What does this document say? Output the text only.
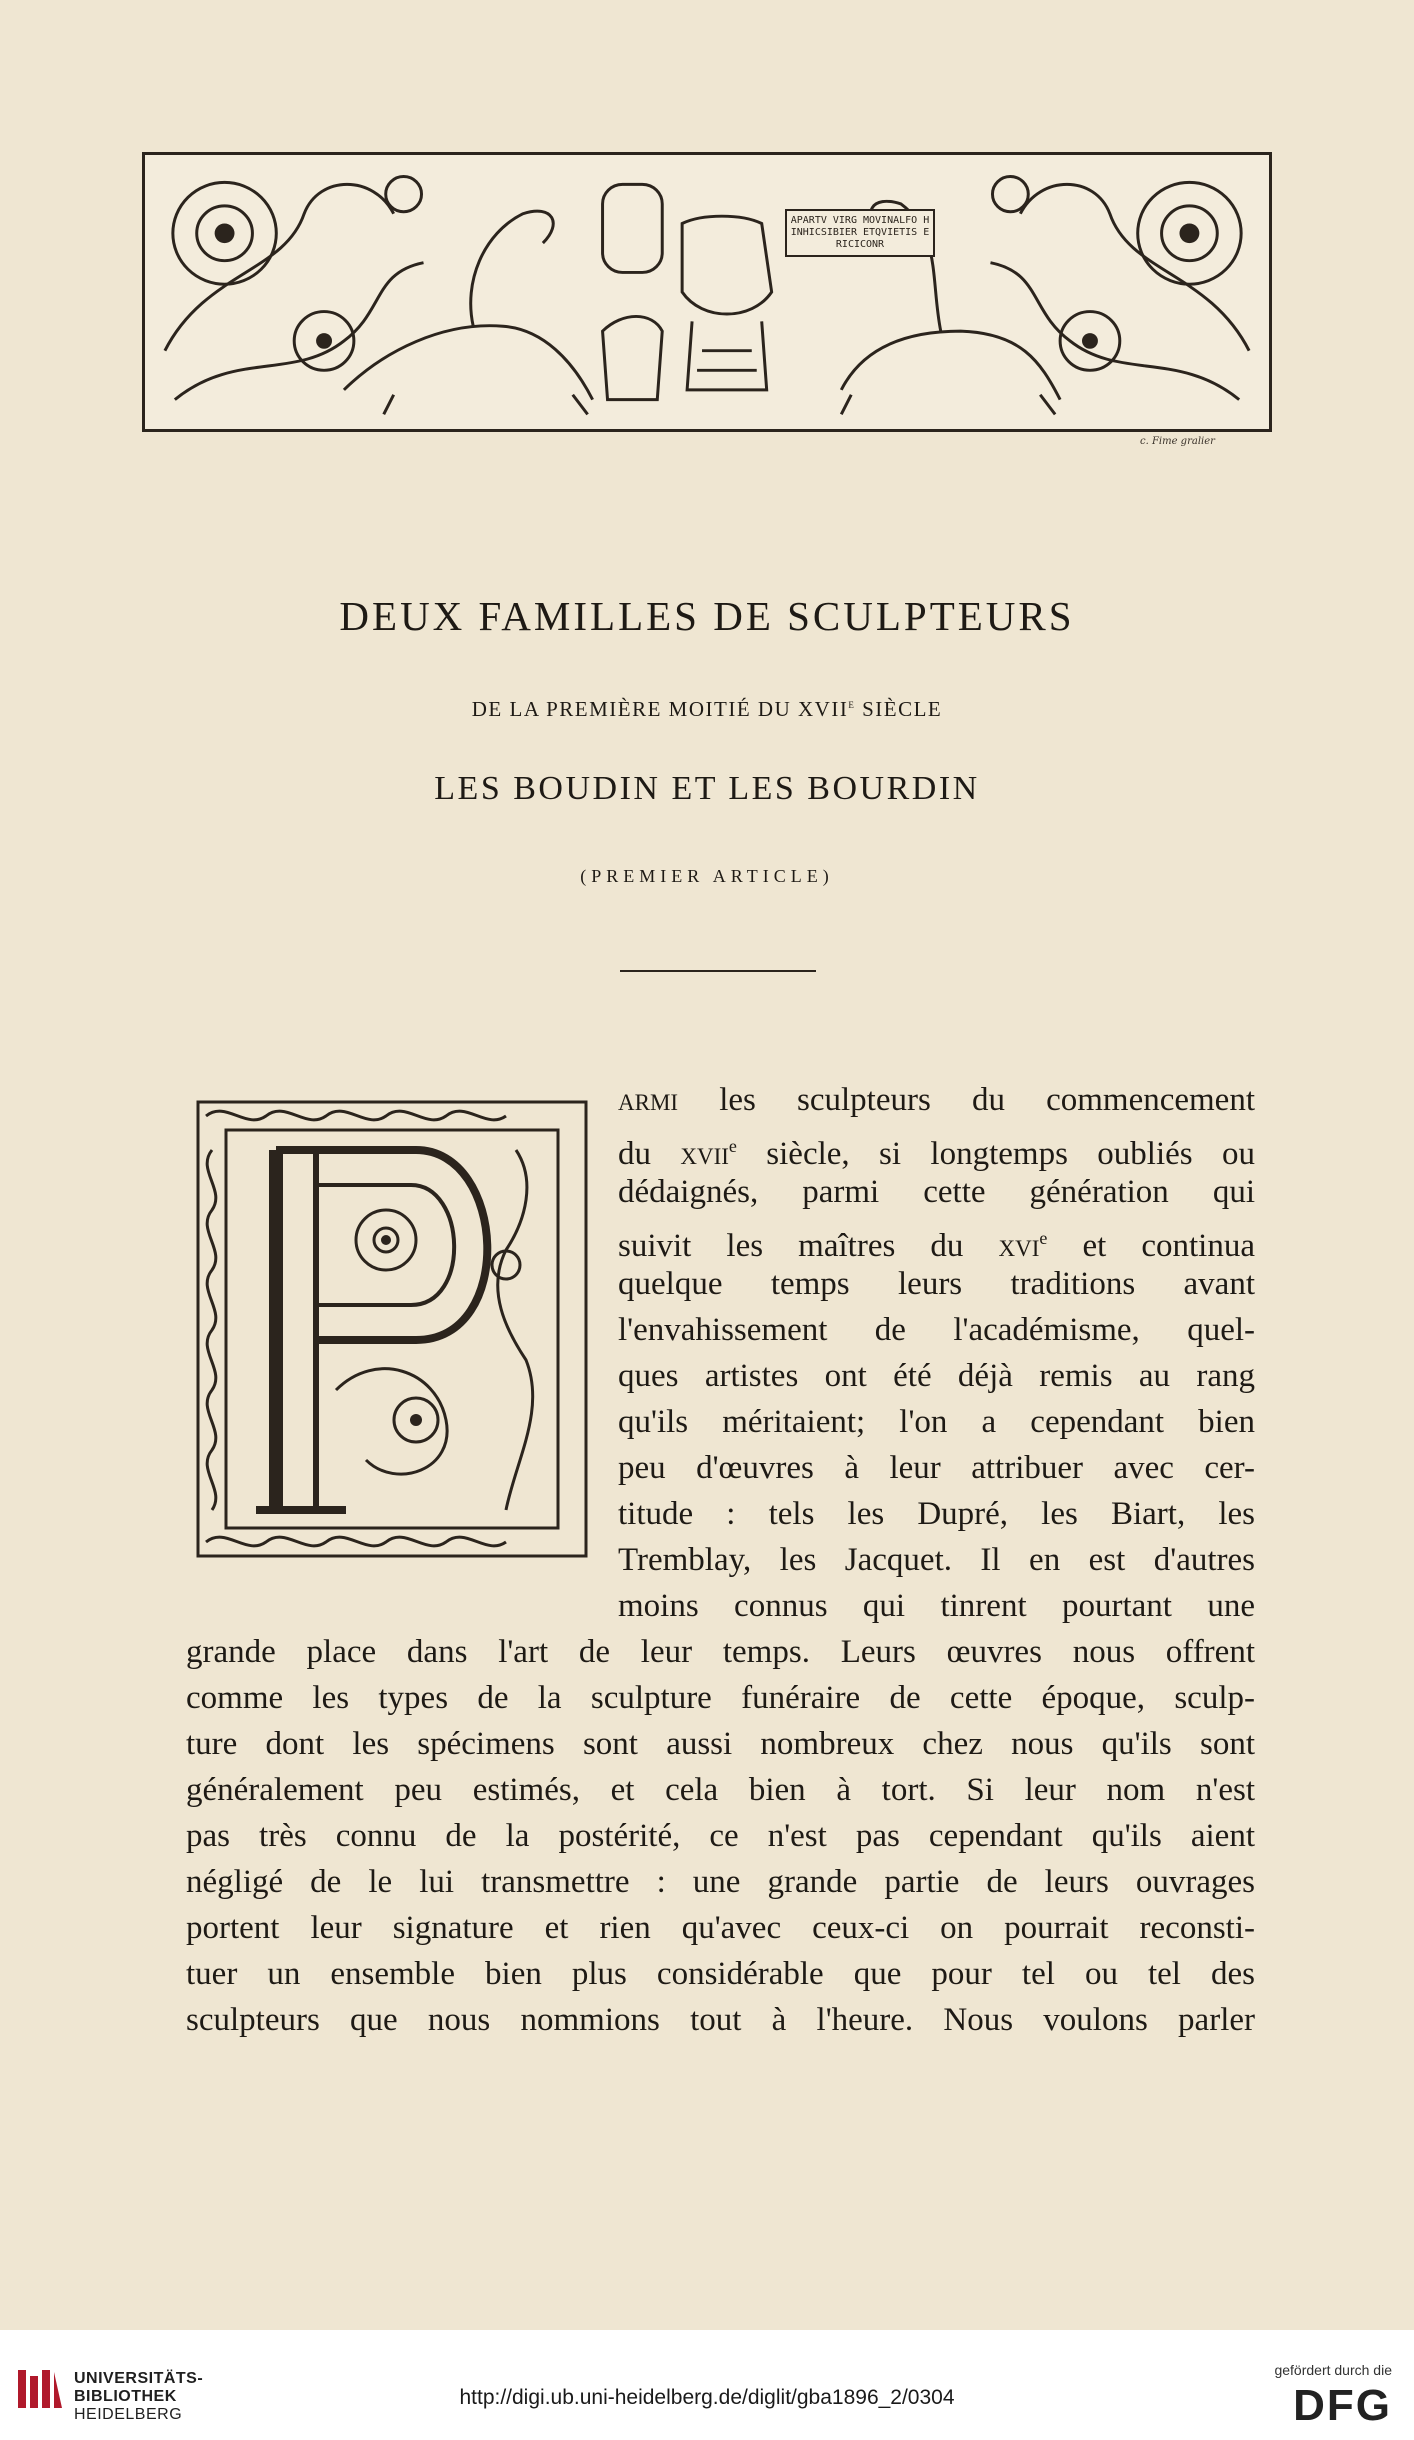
APARTV VIRG MOVINALFO HINHICSIBIER ETQVIETIS ERICICONR
c. Fime gralier
DEUX FAMILLES DE SCULPTEURS
DE LA PREMIÈRE MOITIÉ DU XVIIe SIÈCLE
LES BOUDIN ET LES BOURDIN
(PREMIER ARTICLE)
armi les sculpteurs du commencement
du xvii$^e$ siècle, si longtemps oubliés ou
dédaignés, parmi cette génération qui
suivit les maîtres du xvi$^e$ et continua
quelque temps leurs traditions avant
l'envahissement de l'académisme, quel-
ques artistes ont été déjà remis au rang
qu'ils méritaient; l'on a cependant bien
peu d'œuvres à leur attribuer avec cer-
titude : tels les Dupré, les Biart, les
Tremblay, les Jacquet. Il en est d'autres
moins connus qui tinrent pourtant une
grande place dans l'art de leur temps. Leurs œuvres nous offrent
comme les types de la sculpture funéraire de cette époque, sculp-
ture dont les spécimens sont aussi nombreux chez nous qu'ils sont
généralement peu estimés, et cela bien à tort. Si leur nom n'est
pas très connu de la postérité, ce n'est pas cependant qu'ils aient
négligé de le lui transmettre : une grande partie de leurs ouvrages
portent leur signature et rien qu'avec ceux-ci on pourrait reconsti-
tuer un ensemble bien plus considérable que pour tel ou tel des
sculpteurs que nous nommions tout à l'heure. Nous voulons parler
UNIVERSITÄTS-
BIBLIOTHEK
HEIDELBERG
http://digi.ub.uni-heidelberg.de/diglit/gba1896_2/0304
gefördert durch die
DFG
